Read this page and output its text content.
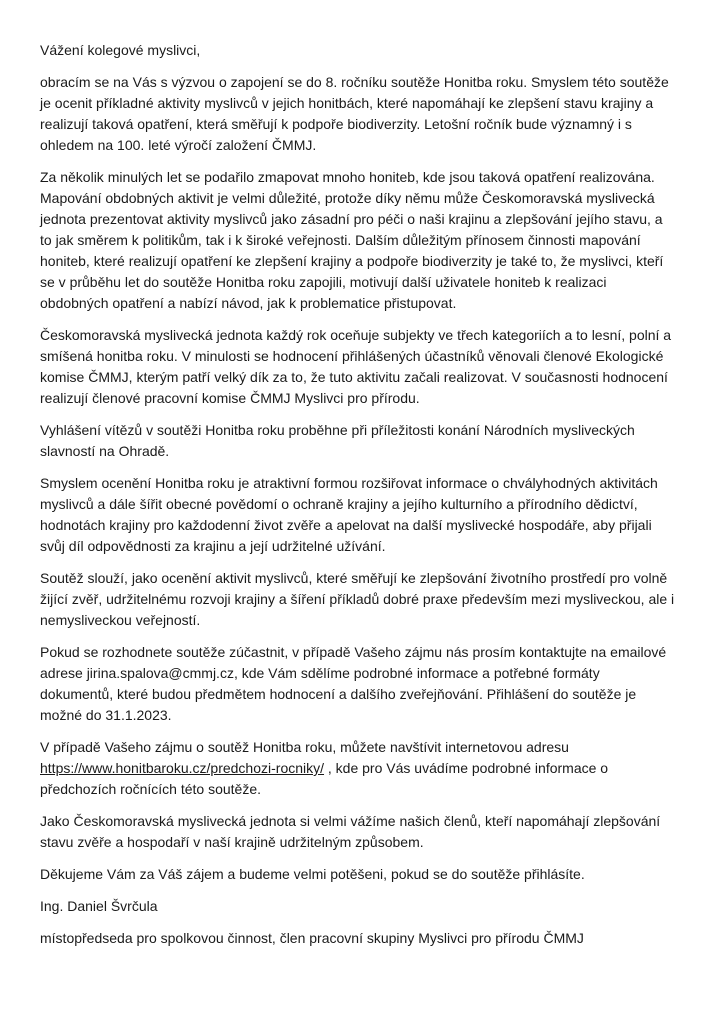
Vážení kolegové myslivci,

obracím se na Vás s výzvou o zapojení se do 8. ročníku soutěže Honitba roku. Smyslem této soutěže je ocenit příkladné aktivity myslivců v jejich honitbách, které napomáhají ke zlepšení stavu krajiny a realizují taková opatření, která směřují k podpoře biodiverzity. Letošní ročník bude významný i s ohledem na 100. leté výročí založení ČMMJ.

Za několik minulých let se podařilo zmapovat mnoho honiteb, kde jsou taková opatření realizována. Mapování obdobných aktivit je velmi důležité, protože díky němu může Českomoravská myslivecká jednota prezentovat aktivity myslivců jako zásadní pro péči o naši krajinu a zlepšování jejího stavu, a to jak směrem k politikům, tak i k široké veřejnosti. Dalším důležitým přínosem činnosti mapování honiteb, které realizují opatření ke zlepšení krajiny a podpoře biodiverzity je také to, že myslivci, kteří se v průběhu let do soutěže Honitba roku zapojili, motivují další uživatele honiteb k realizaci obdobných opatření a nabízí návod, jak k problematice přistupovat.

Českomoravská myslivecká jednota každý rok oceňuje subjekty ve třech kategoriích a to lesní, polní a smíšená honitba roku. V minulosti se hodnocení přihlášených účastníků věnovali členové Ekologické komise ČMMJ, kterým patří velký dík za to, že tuto aktivitu začali realizovat. V současnosti hodnocení realizují členové pracovní komise ČMMJ Myslivci pro přírodu.

Vyhlášení vítězů v soutěži Honitba roku proběhne při příležitosti konání Národních mysliveckých slavností na Ohradě.

Smyslem ocenění Honitba roku je atraktivní formou rozšiřovat informace o chvályhodných aktivitách myslivců a dále šířit obecné povědomí o ochraně krajiny a jejího kulturního a přírodního dědictví, hodnotách krajiny pro každodenní život zvěře a apelovat na další myslivecké hospodáře, aby přijali svůj díl odpovědnosti za krajinu a její udržitelné užívání.

Soutěž slouží, jako ocenění aktivit myslivců, které směřují ke zlepšování životního prostředí pro volně žijící zvěř, udržitelnému rozvoji krajiny a šíření příkladů dobré praxe především mezi mysliveckou, ale i nemysliveckou veřejností.

Pokud se rozhodnete soutěže zúčastnit, v případě Vašeho zájmu nás prosím kontaktujte na emailové adrese jirina.spalova@cmmj.cz, kde Vám sdělíme podrobné informace a potřebné formáty dokumentů, které budou předmětem hodnocení a dalšího zveřejňování. Přihlášení do soutěže je možné do 31.1.2023.

V případě Vašeho zájmu o soutěž Honitba roku, můžete navštívit internetovou adresu https://www.honitbaroku.cz/predchozi-rocniky/ , kde pro Vás uvádíme podrobné informace o předchozích ročnících této soutěže.

Jako Českomoravská myslivecká jednota si velmi vážíme našich členů, kteří napomáhají zlepšování stavu zvěře a hospodaří v naší krajině udržitelným způsobem.

Děkujeme Vám za Váš zájem a budeme velmi potěšeni, pokud se do soutěže přihlásíte.

Ing. Daniel Švrčula

místopředseda pro spolkovou činnost, člen pracovní skupiny Myslivci pro přírodu ČMMJ
